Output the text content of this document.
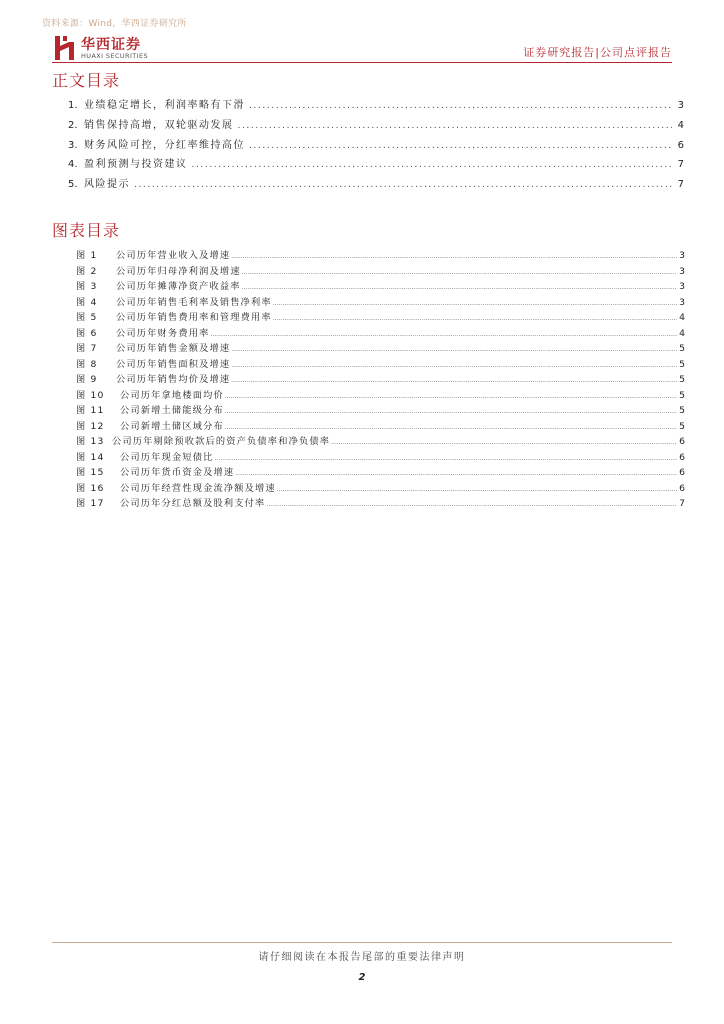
资料来源：Wind，华西证券研究所
华西证券
HUAXI SECURITIES	证券研究报告|公司点评报告
正文目录
1. 业绩稳定增长，利润率略有下滑 .....	3
2. 销售保持高增，双轮驱动发展 .....	4
3. 财务风险可控，分红率维持高位 .....	6
4. 盈利预测与投资建议 .....	7
5. 风险提示 .....	7
图表目录
图 1	公司历年营业收入及增速 .....	3
图 2	公司历年归母净利润及增速 .....	3
图 3	公司历年摊薄净资产收益率 .....	3
图 4	公司历年销售毛利率及销售净利率 .....	3
图 5	公司历年销售费用率和管理费用率 .....	4
图 6	公司历年财务费用率 .....	4
图 7	公司历年销售金额及增速 .....	5
图 8	公司历年销售面积及增速 .....	5
图 9	公司历年销售均价及增速 .....	5
图 10	公司历年拿地楼面均价 .....	5
图 11	公司新增土储能级分布 .....	5
图 12	公司新增土储区域分布 .....	5
图 13 公司历年剔除预收款后的资产负债率和净负债率 .....	6
图 14	公司历年现金短债比 .....	6
图 15	公司历年货币资金及增速 .....	6
图 16	公司历年经营性现金流净额及增速 .....	6
图 17	公司历年分红总额及股利支付率 .....	7
请仔细阅读在本报告尾部的重要法律声明
2
